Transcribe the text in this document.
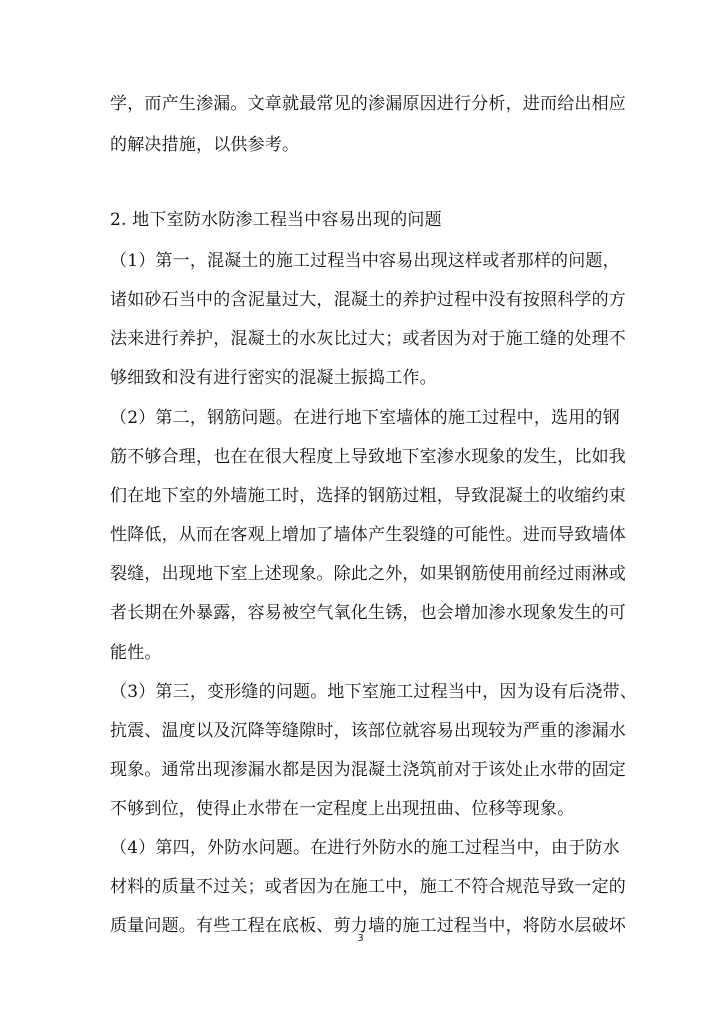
学，而产生渗漏。文章就最常见的渗漏原因进行分析，进而给出相应
的解决措施，以供参考。
2. 地下室防水防渗工程当中容易出现的问题
（1）第一，混凝土的施工过程当中容易出现这样或者那样的问题，
诸如砂石当中的含泥量过大，混凝土的养护过程中没有按照科学的方
法来进行养护，混凝土的水灰比过大；或者因为对于施工缝的处理不
够细致和没有进行密实的混凝土振捣工作。
（2）第二，钢筋问题。在进行地下室墙体的施工过程中，选用的钢
筋不够合理，也在在很大程度上导致地下室渗水现象的发生，比如我
们在地下室的外墙施工时，选择的钢筋过粗，导致混凝土的收缩约束
性降低，从而在客观上增加了墙体产生裂缝的可能性。进而导致墙体
裂缝，出现地下室上述现象。除此之外，如果钢筋使用前经过雨淋或
者长期在外暴露，容易被空气氧化生锈，也会增加渗水现象发生的可
能性。
（3）第三，变形缝的问题。地下室施工过程当中，因为设有后浇带、
抗震、温度以及沉降等缝隙时，该部位就容易出现较为严重的渗漏水
现象。通常出现渗漏水都是因为混凝土浇筑前对于该处止水带的固定
不够到位，使得止水带在一定程度上出现扭曲、位移等现象。
（4）第四，外防水问题。在进行外防水的施工过程当中，由于防水
材料的质量不过关；或者因为在施工中，施工不符合规范导致一定的
质量问题。有些工程在底板、剪力墙的施工过程当中，将防水层破坏
3
